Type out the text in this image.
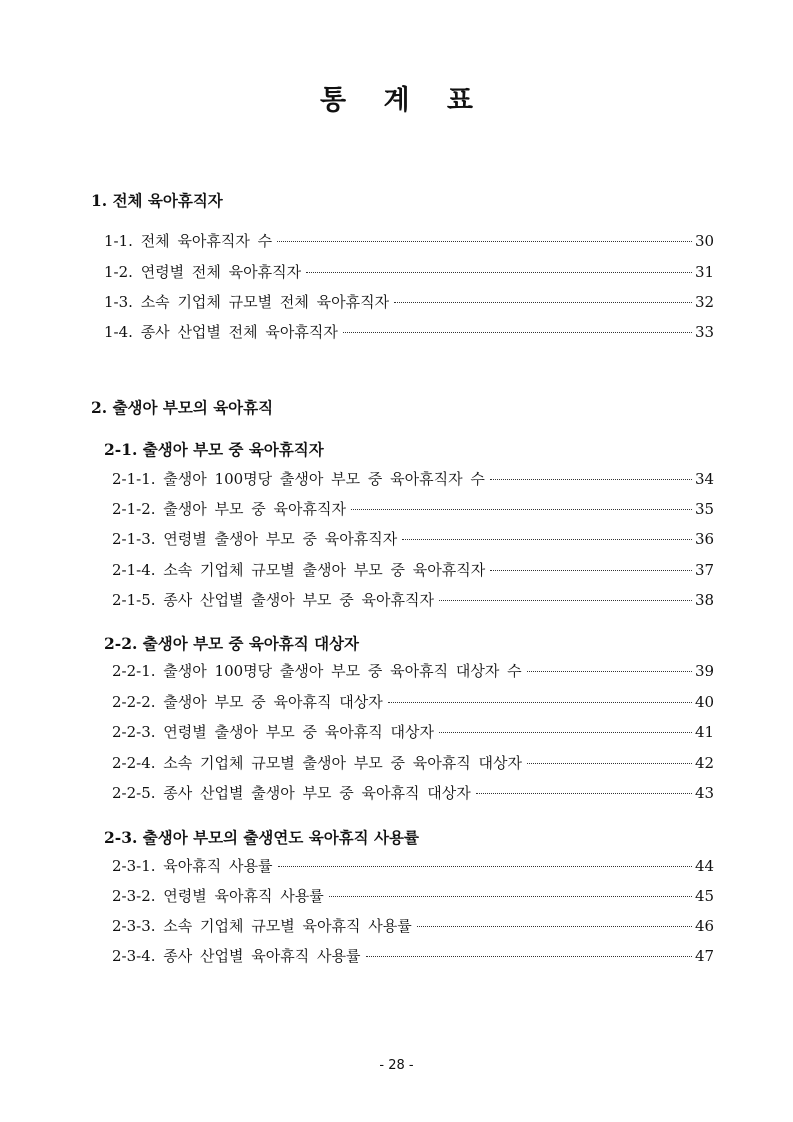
통 계 표
1. 전체 육아휴직자
1-1. 전체 육아휴직자 수	30
1-2. 연령별 전체 육아휴직자	31
1-3. 소속 기업체 규모별 전체 육아휴직자	32
1-4. 종사 산업별 전체 육아휴직자	33
2. 출생아 부모의 육아휴직
2-1. 출생아 부모 중 육아휴직자
2-1-1. 출생아 100명당 출생아 부모 중 육아휴직자 수	34
2-1-2. 출생아 부모 중 육아휴직자	35
2-1-3. 연령별 출생아 부모 중 육아휴직자	36
2-1-4. 소속 기업체 규모별 출생아 부모 중 육아휴직자	37
2-1-5. 종사 산업별 출생아 부모 중 육아휴직자	38
2-2. 출생아 부모 중 육아휴직 대상자
2-2-1. 출생아 100명당 출생아 부모 중 육아휴직 대상자 수	39
2-2-2. 출생아 부모 중 육아휴직 대상자	40
2-2-3. 연령별 출생아 부모 중 육아휴직 대상자	41
2-2-4. 소속 기업체 규모별 출생아 부모 중 육아휴직 대상자	42
2-2-5. 종사 산업별 출생아 부모 중 육아휴직 대상자	43
2-3. 출생아 부모의 출생연도 육아휴직 사용률
2-3-1. 육아휴직 사용률	44
2-3-2. 연령별 육아휴직 사용률	45
2-3-3. 소속 기업체 규모별 육아휴직 사용률	46
2-3-4. 종사 산업별 육아휴직 사용률	47
- 28 -
